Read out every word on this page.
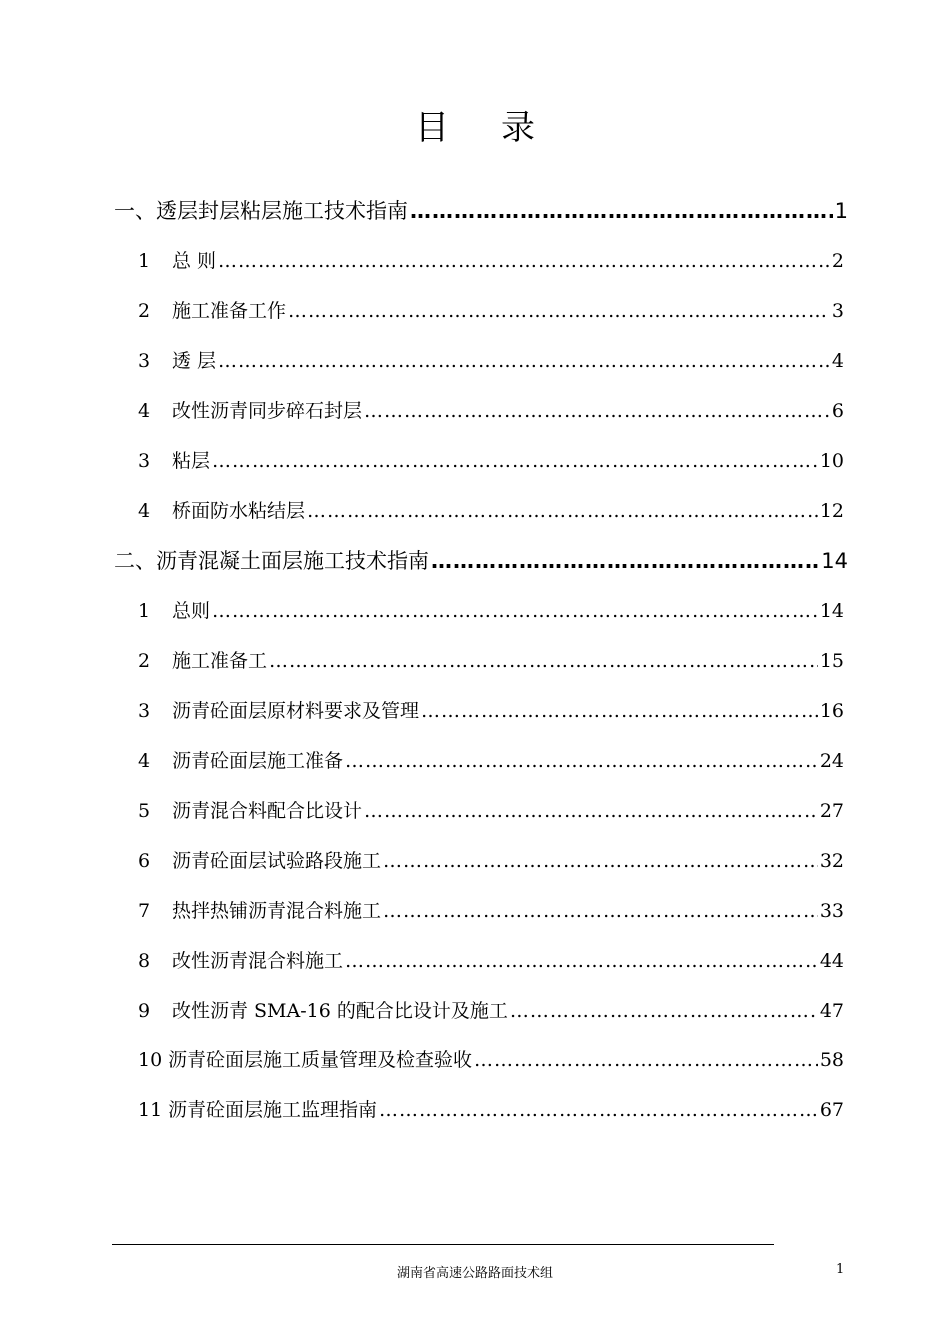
目 录
一、透层封层粘层施工技术指南 ………………………………………………………………………………………………………………………………………………………………………………	1
1	总 则 ………………………………………………………………………………………………………………………………………………………………………………	2
2	施工准备工作 ………………………………………………………………………………………………………………………………………………………………………………	3
3	透 层 ………………………………………………………………………………………………………………………………………………………………………………	4
4	改性沥青同步碎石封层 ………………………………………………………………………………………………………………………………………………………………………………	6
3	粘层 ………………………………………………………………………………………………………………………………………………………………………………	10
4	桥面防水粘结层 ………………………………………………………………………………………………………………………………………………………………………………	12
二、沥青混凝土面层施工技术指南 ………………………………………………………………………………………………………………………………………………………………………………	14
1	总则 ………………………………………………………………………………………………………………………………………………………………………………	14
2	施工准备工 ………………………………………………………………………………………………………………………………………………………………………………	15
3	沥青砼面层原材料要求及管理 ………………………………………………………………………………………………………………………………………………………………………………	16
4	沥青砼面层施工准备 ………………………………………………………………………………………………………………………………………………………………………………	24
5	沥青混合料配合比设计 ………………………………………………………………………………………………………………………………………………………………………………	27
6	沥青砼面层试验路段施工 ………………………………………………………………………………………………………………………………………………………………………………	32
7	热拌热铺沥青混合料施工 ………………………………………………………………………………………………………………………………………………………………………………	33
8	改性沥青混合料施工 ………………………………………………………………………………………………………………………………………………………………………………	44
9	改性沥青 SMA-16 的配合比设计及施工 ………………………………………………………………………………………………………………………………………………………………………………	47
10 沥青砼面层施工质量管理及检查验收 ………………………………………………………………………………………………………………………………………………………………………………	58
11 沥青砼面层施工监理指南 ………………………………………………………………………………………………………………………………………………………………………………	67
湖南省高速公路路面技术组	1
